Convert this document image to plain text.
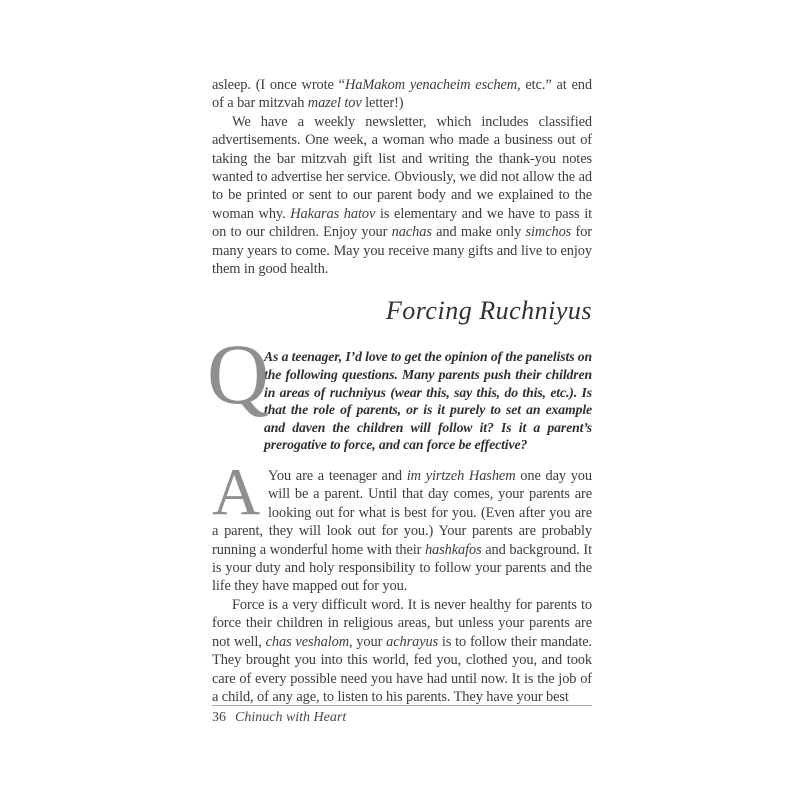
asleep. (I once wrote “HaMakom yenacheim eschem, etc.” at end of a bar mitzvah mazel tov letter!)

We have a weekly newsletter, which includes classified advertisements. One week, a woman who made a business out of taking the bar mitzvah gift list and writing the thank-you notes wanted to advertise her service. Obviously, we did not allow the ad to be printed or sent to our parent body and we explained to the woman why. Hakaras hatov is elementary and we have to pass it on to our children. Enjoy your nachas and make only simchos for many years to come. May you receive many gifts and live to enjoy them in good health.

Forcing Ruchniyus
Q

As a teenager, I’d love to get the opinion of the panelists on the following questions. Many parents push their children in areas of ruchniyus (wear this, say this, do this, etc.). Is that the role of parents, or is it purely to set an example and daven the children will follow it? Is it a parent’s prerogative to force, and can force be effective?

A You are a teenager and im yirtzeh Hashem one day you will be a parent. Until that day comes, your parents are looking out for what is best for you. (Even after you are a parent, they will look out for you.) Your parents are probably running a wonderful home with their hashkafos and background. It is your duty and holy responsibility to follow your parents and the life they have mapped out for you.

Force is a very difficult word. It is never healthy for parents to force their children in religious areas, but unless your parents are not well, chas veshalom, your achrayus is to follow their mandate. They brought you into this world, fed you, clothed you, and took care of every possible need you have had until now. It is the job of a child, of any age, to listen to his parents. They have your best

36 Chinuch with Heart
